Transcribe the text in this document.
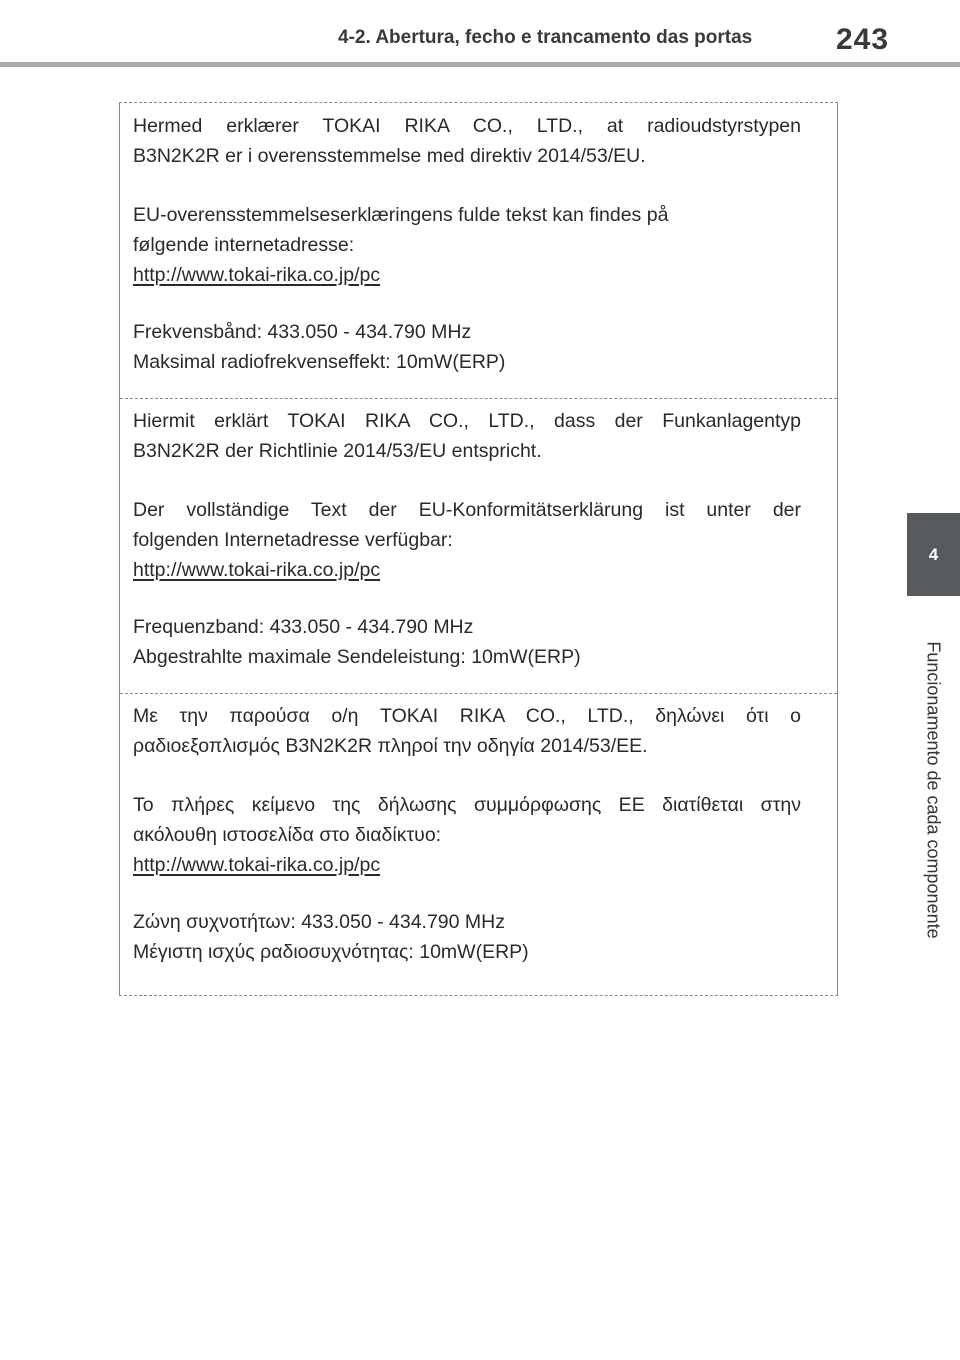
4-2. Abertura, fecho e trancamento das portas	243
4
Funcionamento de cada componente

Hermed erklærer TOKAI RIKA CO., LTD., at radioudstyrstypen
B3N2K2R er i overensstemmelse med direktiv 2014/53/EU.

EU-overensstemmelseserklæringens fulde tekst kan findes på
følgende internetadresse:

http://www.tokai-rika.co.jp/pc

Frekvensbånd: 433.050 - 434.790 MHz

Maksimal radiofrekvenseffekt: 10mW(ERP)

Hiermit erklärt TOKAI RIKA CO., LTD., dass der Funkanlagentyp
B3N2K2R der Richtlinie 2014/53/EU entspricht.

Der vollständige Text der EU-Konformitätserklärung ist unter der
folgenden Internetadresse verfügbar:

http://www.tokai-rika.co.jp/pc

Frequenzband: 433.050 - 434.790 MHz

Abgestrahlte maximale Sendeleistung: 10mW(ERP)

Με την παρούσα ο/η TOKAI RIKA CO., LTD., δηλώνει ότι ο
ραδιοεξοπλισμός B3N2K2R πληροί την οδηγία 2014/53/ΕΕ.

Το πλήρες κείμενο της δήλωσης συμμόρφωσης ΕΕ διατίθεται στην
ακόλουθη ιστοσελίδα στο διαδίκτυο:

http://www.tokai-rika.co.jp/pc

Ζώνη συχνοτήτων: 433.050 - 434.790 MHz

Μέγιστη ισχύς ραδιοσυχνότητας: 10mW(ERP)
